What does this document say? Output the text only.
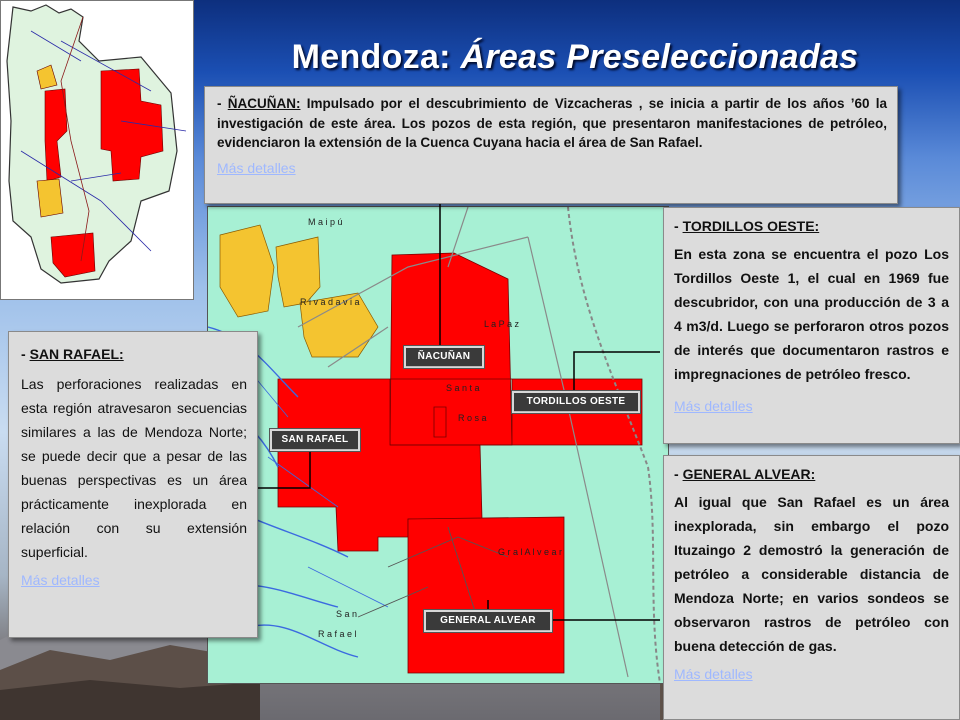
Mendoza: Áreas Preseleccionadas
M a i p ú
R i v a d a v i a
L a P a z
S a n t a
R o s a
G r a l A l v e a r
S a n
R a f a e l
- ÑACUÑAN: Impulsado por el descubrimiento de Vizcacheras , se inicia a partir de los años ’60 la investigación de este área. Los pozos de esta región, que presentaron manifestaciones de petróleo, evidenciaron la extensión de la Cuenca Cuyana hacia el área de San Rafael.
Más detalles
- TORDILLOS OESTE:

En esta zona se encuentra el pozo Los Tordillos Oeste 1, el cual en 1969 fue descubridor, con una producción de 3 a 4 m3/d. Luego se perforaron otros pozos de interés que documentaron rastros e impregnaciones de petróleo fresco.

Más detalles
- GENERAL ALVEAR:

Al igual que San Rafael es un área inexplorada, sin embargo el pozo Ituzaingo 2 demostró la generación de petróleo a considerable distancia de Mendoza Norte; en varios sondeos se observaron rastros de petróleo con buena detección de gas.

Más detalles
- SAN RAFAEL:

Las perforaciones realizadas en esta región atravesaron secuencias similares a las de Mendoza Norte; se puede decir que a pesar de las buenas perspectivas es un área prácticamente inexplorada en relación con su extensión superficial.

Más detalles
ÑACUÑAN
TORDILLOS OESTE
SAN RAFAEL
GENERAL ALVEAR
